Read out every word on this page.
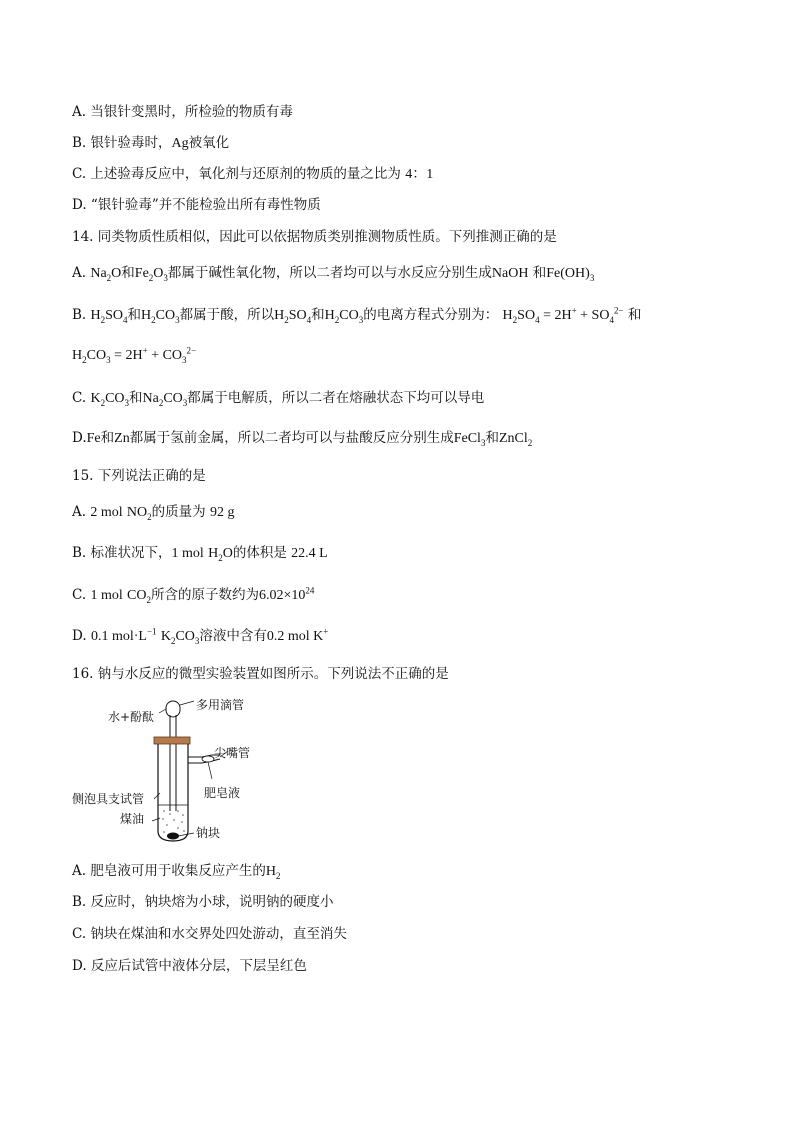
A. 当银针变黑时，所检验的物质有毒
B. 银针验毒时，Ag被氧化
C. 上述验毒反应中，氧化剂与还原剂的物质的量之比为 4：1
D. “银针验毒”并不能检验出所有毒性物质
14. 同类物质性质相似，因此可以依据物质类别推测物质性质。下列推测正确的是
A. $Na_2O$和$Fe_2O_3$都属于碱性氧化物，所以二者均可以与水反应分别生成NaOH 和$Fe(OH)_3$
B. $H_2SO_4$和$H_2CO_3$都属于酸，所以$H_2SO_4$和$H_2CO_3$的电离方程式分别为： $H_2SO_4 = 2H^+ + SO_4^{2-}$ 和
$H_2CO_3 = 2H^+ + CO_3^{2-}$
C. $K_2CO_3$和$Na_2CO_3$都属于电解质，所以二者在熔融状态下均可以导电
D.Fe和Zn都属于氢前金属，所以二者均可以与盐酸反应分别生成FeCl$_3$和ZnCl$_2$
15. 下列说法正确的是
A. 2 mol $NO_2$的质量为 92 g
B. 标准状况下，1 mol $H_2O$的体积是 22.4 L
C. 1 mol $CO_2$所含的原子数约为$6.02\times 10^{24}$
D. 0.1 $mol\cdot L^{-1}$ $K_2CO_3$溶液中含有0.2 mol K+
16. 钠与水反应的微型实验装置如图所示。下列说法不正确的是
水+酚酞
多用滴管
尖嘴管
肥皂液
侧泡具支试管
煤油
钠块
A. 肥皂液可用于收集反应产生的$H_2$
B. 反应时，钠块熔为小球，说明钠的硬度小
C. 钠块在煤油和水交界处四处游动，直至消失
D. 反应后试管中液体分层，下层呈红色
